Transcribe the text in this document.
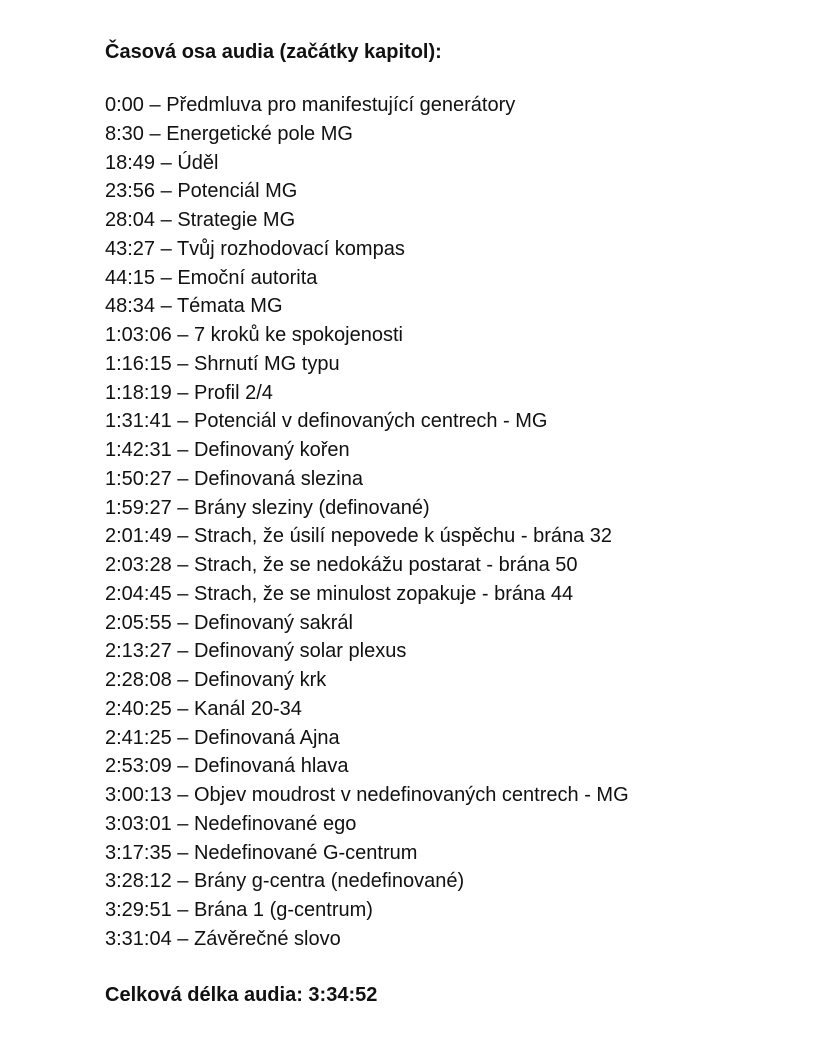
Časová osa audia (začátky kapitol):
0:00 – Předmluva pro manifestující generátory
8:30 – Energetické pole MG
18:49 – Úděl
23:56 – Potenciál MG
28:04 – Strategie MG
43:27 – Tvůj rozhodovací kompas
44:15 – Emoční autorita
48:34 – Témata MG
1:03:06 – 7 kroků ke spokojenosti
1:16:15 – Shrnutí MG typu
1:18:19 – Profil 2/4
1:31:41 – Potenciál v definovaných centrech - MG
1:42:31 – Definovaný kořen
1:50:27 – Definovaná slezina
1:59:27 – Brány sleziny (definované)
2:01:49 – Strach, že úsilí nepovede k úspěchu - brána 32
2:03:28 – Strach, že se nedokážu postarat - brána 50
2:04:45 – Strach, že se minulost zopakuje - brána 44
2:05:55 – Definovaný sakrál
2:13:27 – Definovaný solar plexus
2:28:08 – Definovaný krk
2:40:25 – Kanál 20-34
2:41:25 – Definovaná Ajna
2:53:09 – Definovaná hlava
3:00:13 – Objev moudrost v nedefinovaných centrech - MG
3:03:01 – Nedefinované ego
3:17:35 – Nedefinované G-centrum
3:28:12 – Brány g-centra (nedefinované)
3:29:51 – Brána 1 (g-centrum)
3:31:04 – Závěrečné slovo
Celková délka audia: 3:34:52
